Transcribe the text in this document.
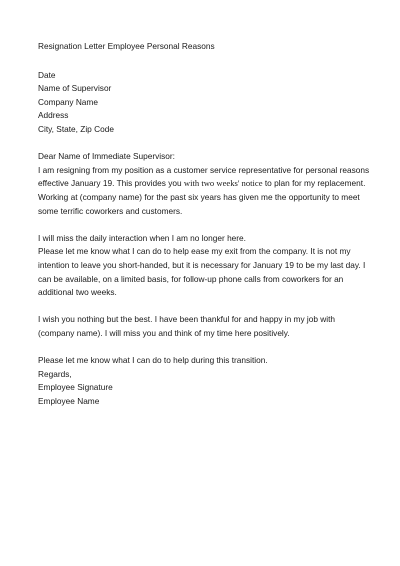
Resignation Letter Employee Personal Reasons
Date
Name of Supervisor
Company Name
Address
City, State, Zip Code
Dear Name of Immediate Supervisor:
I am resigning from my position as a customer service representative for personal reasons
effective January 19. This provides you with two weeks' notice to plan for my replacement.
Working at (company name) for the past six years has given me the opportunity to meet
some terrific coworkers and customers.
I will miss the daily interaction when I am no longer here.
Please let me know what I can do to help ease my exit from the company. It is not my
intention to leave you short-handed, but it is necessary for January 19 to be my last day. I
can be available, on a limited basis, for follow-up phone calls from coworkers for an
additional two weeks.
I wish you nothing but the best. I have been thankful for and happy in my job with
(company name). I will miss you and think of my time here positively.
Please let me know what I can do to help during this transition.
Regards,
Employee Signature
Employee Name
